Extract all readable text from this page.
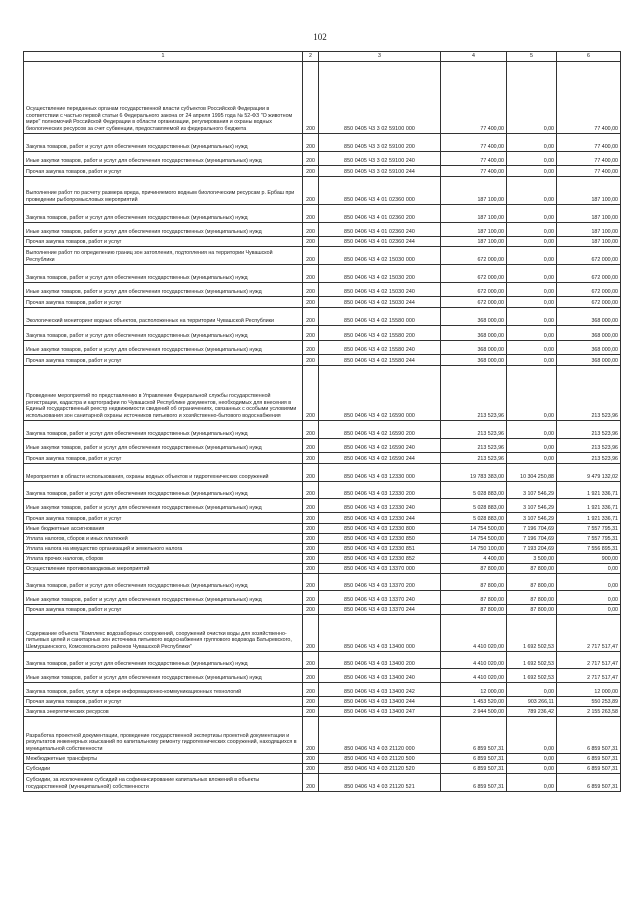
102
1	2	3	4	5	6
Осуществление переданных органам государственной власти субъектов Российской Федерации в соответствии с частью первой статьи 6 Федерального закона от 24 апреля 1995 года № 52-ФЗ "О животном мире" полномочий Российской Федерации в области организации, регулирования и охраны водных биологических ресурсов за счет субвенции, предоставляемой из федерального бюджета	200	850 0405 Ч3 3 02 59100 000	77 400,00	0,00	77 400,00
Закупка товаров, работ и услуг для обеспечения государственных (муниципальных) нужд	200	850 0405 Ч3 3 02 59100 200	77 400,00	0,00	77 400,00
Иные закупки товаров, работ и услуг для обеспечения государственных (муниципальных) нужд	200	850 0405 Ч3 3 02 59100 240	77 400,00	0,00	77 400,00
Прочая закупка товаров, работ и услуг	200	850 0405 Ч3 3 02 59100 244	77 400,00	0,00	77 400,00
Выполнение работ по расчету размера вреда, причиняемого водным биологическим ресурсам р. Ербаш при проведении рыбопромысловых мероприятий	200	850 0406 Ч3 4 01 02360 000	187 100,00	0,00	187 100,00
Закупка товаров, работ и услуг для обеспечения государственных (муниципальных) нужд	200	850 0406 Ч3 4 01 02360 200	187 100,00	0,00	187 100,00
Иные закупки товаров, работ и услуг для обеспечения государственных (муниципальных) нужд	200	850 0406 Ч3 4 01 02360 240	187 100,00	0,00	187 100,00
Прочая закупка товаров, работ и услуг	200	850 0406 Ч3 4 01 02360 244	187 100,00	0,00	187 100,00
Выполнение работ по определению границ зон затопления, подтопления на территории Чувашской Республики	200	850 0406 Ч3 4 02 15030 000	672 000,00	0,00	672 000,00
Закупка товаров, работ и услуг для обеспечения государственных (муниципальных) нужд	200	850 0406 Ч3 4 02 15030 200	672 000,00	0,00	672 000,00
Иные закупки товаров, работ и услуг для обеспечения государственных (муниципальных) нужд	200	850 0406 Ч3 4 02 15030 240	672 000,00	0,00	672 000,00
Прочая закупка товаров, работ и услуг	200	850 0406 Ч3 4 02 15030 244	672 000,00	0,00	672 000,00
Экологический мониторинг водных объектов, расположенных на территории Чувашской Республики	200	850 0406 Ч3 4 02 15580 000	368 000,00	0,00	368 000,00
Закупка товаров, работ и услуг для обеспечения государственных (муниципальных) нужд	200	850 0406 Ч3 4 02 15580 200	368 000,00	0,00	368 000,00
Иные закупки товаров, работ и услуг для обеспечения государственных (муниципальных) нужд	200	850 0406 Ч3 4 02 15580 240	368 000,00	0,00	368 000,00
Прочая закупка товаров, работ и услуг	200	850 0406 Ч3 4 02 15580 244	368 000,00	0,00	368 000,00
Проведение мероприятий по представлению в Управление Федеральной службы государственной регистрации, кадастра и картографии по Чувашской Республике документов, необходимых для внесения в Единый государственный реестр недвижимости сведений об ограничениях, связанных с особыми условиями использования зон санитарной охраны источников питьевого и хозяйственно-бытового водоснабжения	200	850 0406 Ч3 4 02 16590 000	213 523,96	0,00	213 523,96
Закупка товаров, работ и услуг для обеспечения государственных (муниципальных) нужд	200	850 0406 Ч3 4 02 16590 200	213 523,96	0,00	213 523,96
Иные закупки товаров, работ и услуг для обеспечения государственных (муниципальных) нужд	200	850 0406 Ч3 4 02 16590 240	213 523,96	0,00	213 523,96
Прочая закупка товаров, работ и услуг	200	850 0406 Ч3 4 02 16590 244	213 523,96	0,00	213 523,96
Мероприятия в области использования, охраны водных объектов и гидротехнических сооружений	200	850 0406 Ч3 4 03 12330 000	19 783 383,00	10 304 250,88	9 479 132,02
Закупка товаров, работ и услуг для обеспечения государственных (муниципальных) нужд	200	850 0406 Ч3 4 03 12330 200	5 028 883,00	3 107 546,29	1 921 336,71
Иные закупки товаров, работ и услуг для обеспечения государственных (муниципальных) нужд	200	850 0406 Ч3 4 03 12330 240	5 028 883,00	3 107 546,29	1 921 336,71
Прочая закупка товаров, работ и услуг	200	850 0406 Ч3 4 03 12330 244	5 028 883,00	3 107 546,29	1 921 336,71
Иные бюджетные ассигнования	200	850 0406 Ч3 4 03 12330 800	14 754 500,00	7 196 704,69	7 557 795,31
Уплата налогов, сборов и иных платежей	200	850 0406 Ч3 4 03 12330 850	14 754 500,00	7 196 704,69	7 557 795,31
Уплата налога на имущество организаций и земельного налога	200	850 0406 Ч3 4 03 12330 851	14 750 100,00	7 193 204,69	7 556 895,31
Уплата прочих налогов, сборов	200	850 0406 Ч3 4 03 12330 852	4 400,00	3 500,00	900,00
Осуществление противопаводковых мероприятий	200	850 0406 Ч3 4 03 13370 000	87 800,00	87 800,00	0,00
Закупка товаров, работ и услуг для обеспечения государственных (муниципальных) нужд	200	850 0406 Ч3 4 03 13370 200	87 800,00	87 800,00	0,00
Иные закупки товаров, работ и услуг для обеспечения государственных (муниципальных) нужд	200	850 0406 Ч3 4 03 13370 240	87 800,00	87 800,00	0,00
Прочая закупка товаров, работ и услуг	200	850 0406 Ч3 4 03 13370 244	87 800,00	87 800,00	0,00
Содержание объекта "Комплекс водозаборных сооружений, сооружений очистки воды для хозяйственно-питьевых целей и санитарных зон источника питьевого водоснабжения группового водовода Батыревского, Шемуршинского, Комсомольского районов Чувашской Республики"	200	850 0406 Ч3 4 03 13400 000	4 410 020,00	1 692 502,53	2 717 517,47
Закупка товаров, работ и услуг для обеспечения государственных (муниципальных) нужд	200	850 0406 Ч3 4 03 13400 200	4 410 020,00	1 692 502,53	2 717 517,47
Иные закупки товаров, работ и услуг для обеспечения государственных (муниципальных) нужд	200	850 0406 Ч3 4 03 13400 240	4 410 020,00	1 692 502,53	2 717 517,47
Закупка товаров, работ, услуг в сфере информационно-коммуникационных технологий	200	850 0406 Ч3 4 03 13400 242	12 000,00	0,00	12 000,00
Прочая закупка товаров, работ и услуг	200	850 0406 Ч3 4 03 13400 244	1 453 520,00	903 266,11	550 253,89
Закупка энергетических ресурсов	200	850 0406 Ч3 4 03 13400 247	2 944 500,00	789 236,42	2 155 263,58
Разработка проектной документации, проведение государственной экспертизы проектной документации и результатов инженерных изысканий по капитальному ремонту гидротехнических сооружений, находящихся в муниципальной собственности	200	850 0406 Ч3 4 03 21120 000	6 859 507,31	0,00	6 859 507,31
Межбюджетные трансферты	200	850 0406 Ч3 4 03 21120 500	6 859 507,31	0,00	6 859 507,31
Субсидии	200	850 0406 Ч3 4 03 21120 520	6 859 507,31	0,00	6 859 507,31
Субсидии, за исключением субсидий на софинансирование капитальных вложений в объекты государственной (муниципальной) собственности	200	850 0406 Ч3 4 03 21120 521	6 859 507,31	0,00	6 859 507,31
